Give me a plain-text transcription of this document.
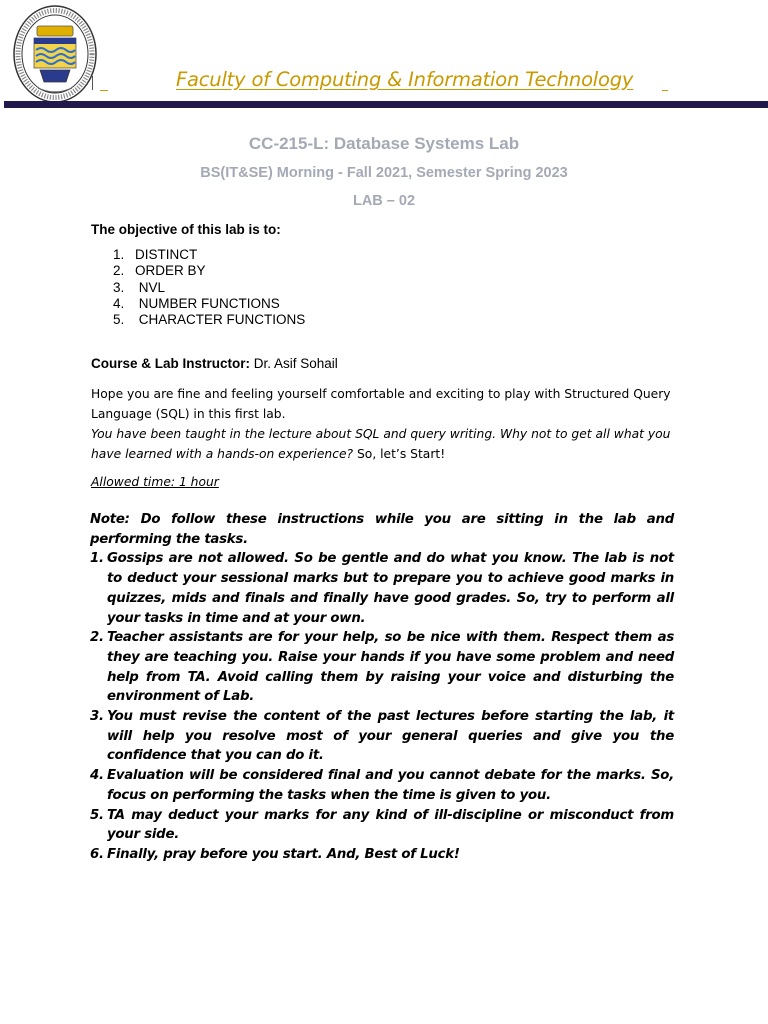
Faculty of Computing & Information Technology
CC-215-L: Database Systems Lab
BS(IT&SE) Morning - Fall 2021, Semester Spring 2023
LAB – 02
The objective of this lab is to:
1. DISTINCT
2. ORDER BY
3. NVL
4. NUMBER FUNCTIONS
5. CHARACTER FUNCTIONS
Course & Lab Instructor: Dr. Asif Sohail
Hope you are fine and feeling yourself comfortable and exciting to play with Structured Query Language (SQL) in this first lab.
You have been taught in the lecture about SQL and query writing. Why not to get all what you have learned with a hands-on experience? So, let’s Start!
Allowed time: 1 hour

Note: Do follow these instructions while you are sitting in the lab and performing the tasks.

1. Gossips are not allowed. So be gentle and do what you know. The lab is not to deduct your sessional marks but to prepare you to achieve good marks in quizzes, mids and finals and finally have good grades. So, try to perform all your tasks in time and at your own.
2. Teacher assistants are for your help, so be nice with them. Respect them as they are teaching you. Raise your hands if you have some problem and need help from TA. Avoid calling them by raising your voice and disturbing the environment of Lab.
3. You must revise the content of the past lectures before starting the lab, it will help you resolve most of your general queries and give you the confidence that you can do it.
4. Evaluation will be considered final and you cannot debate for the marks. So, focus on performing the tasks when the time is given to you.
5. TA may deduct your marks for any kind of ill-discipline or misconduct from your side.
6. Finally, pray before you start. And, Best of Luck!
